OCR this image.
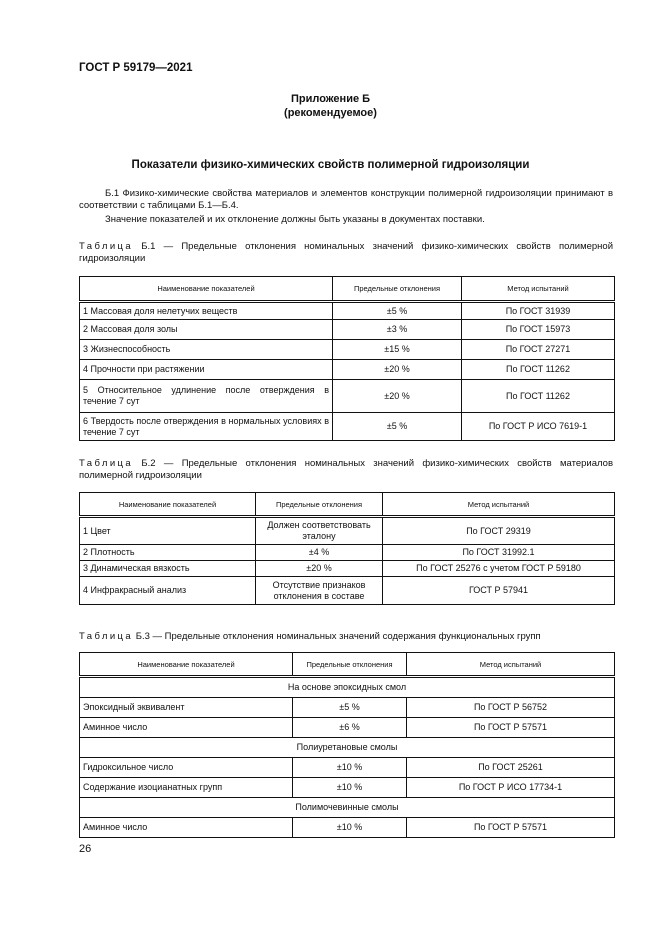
ГОСТ Р 59179—2021
Приложение Б
(рекомендуемое)
Показатели физико-химических свойств полимерной гидроизоляции
Б.1 Физико-химические свойства материалов и элементов конструкции полимерной гидроизоляции принимают в соответствии с таблицами Б.1—Б.4.
Значение показателей и их отклонение должны быть указаны в документах поставки.
Таблица Б.1 — Предельные отклонения номинальных значений физико-химических свойств полимерной гидроизоляции
Наименование показателей	Предельные отклонения	Метод испытаний
1 Массовая доля нелетучих веществ	±5 %	По ГОСТ 31939
2 Массовая доля золы	±3 %	По ГОСТ 15973
3 Жизнеспособность	±15 %	По ГОСТ 27271
4 Прочности при растяжении	±20 %	По ГОСТ 11262
5 Относительное удлинение после отверждения в течение 7 сут	±20 %	По ГОСТ 11262
6 Твердость после отверждения в нормальных условиях в течение 7 сут	±5 %	По ГОСТ Р ИСО 7619-1
Таблица Б.2 — Предельные отклонения номинальных значений физико-химических свойств материалов полимерной гидроизоляции
Наименование показателей	Предельные отклонения	Метод испытаний
1 Цвет	Должен соответствовать эталону	По ГОСТ 29319
2 Плотность	±4 %	По ГОСТ 31992.1
3 Динамическая вязкость	±20 %	По ГОСТ 25276 с учетом ГОСТ Р 59180
4 Инфракрасный анализ	Отсутствие признаков отклонения в составе	ГОСТ Р 57941
Таблица Б.3 — Предельные отклонения номинальных значений содержания функциональных групп
Наименование показателей	Предельные отклонения	Метод испытаний
На основе эпоксидных смол		
Эпоксидный эквивалент	±5 %	По ГОСТ Р 56752
Аминное число	±6 %	По ГОСТ Р 57571
Полиуретановые смолы		
Гидроксильное число	±10 %	По ГОСТ 25261
Содержание изоцианатных групп	±10 %	По ГОСТ Р ИСО 17734-1
Полимочевинные смолы		
Аминное число	±10 %	По ГОСТ Р 57571
26
